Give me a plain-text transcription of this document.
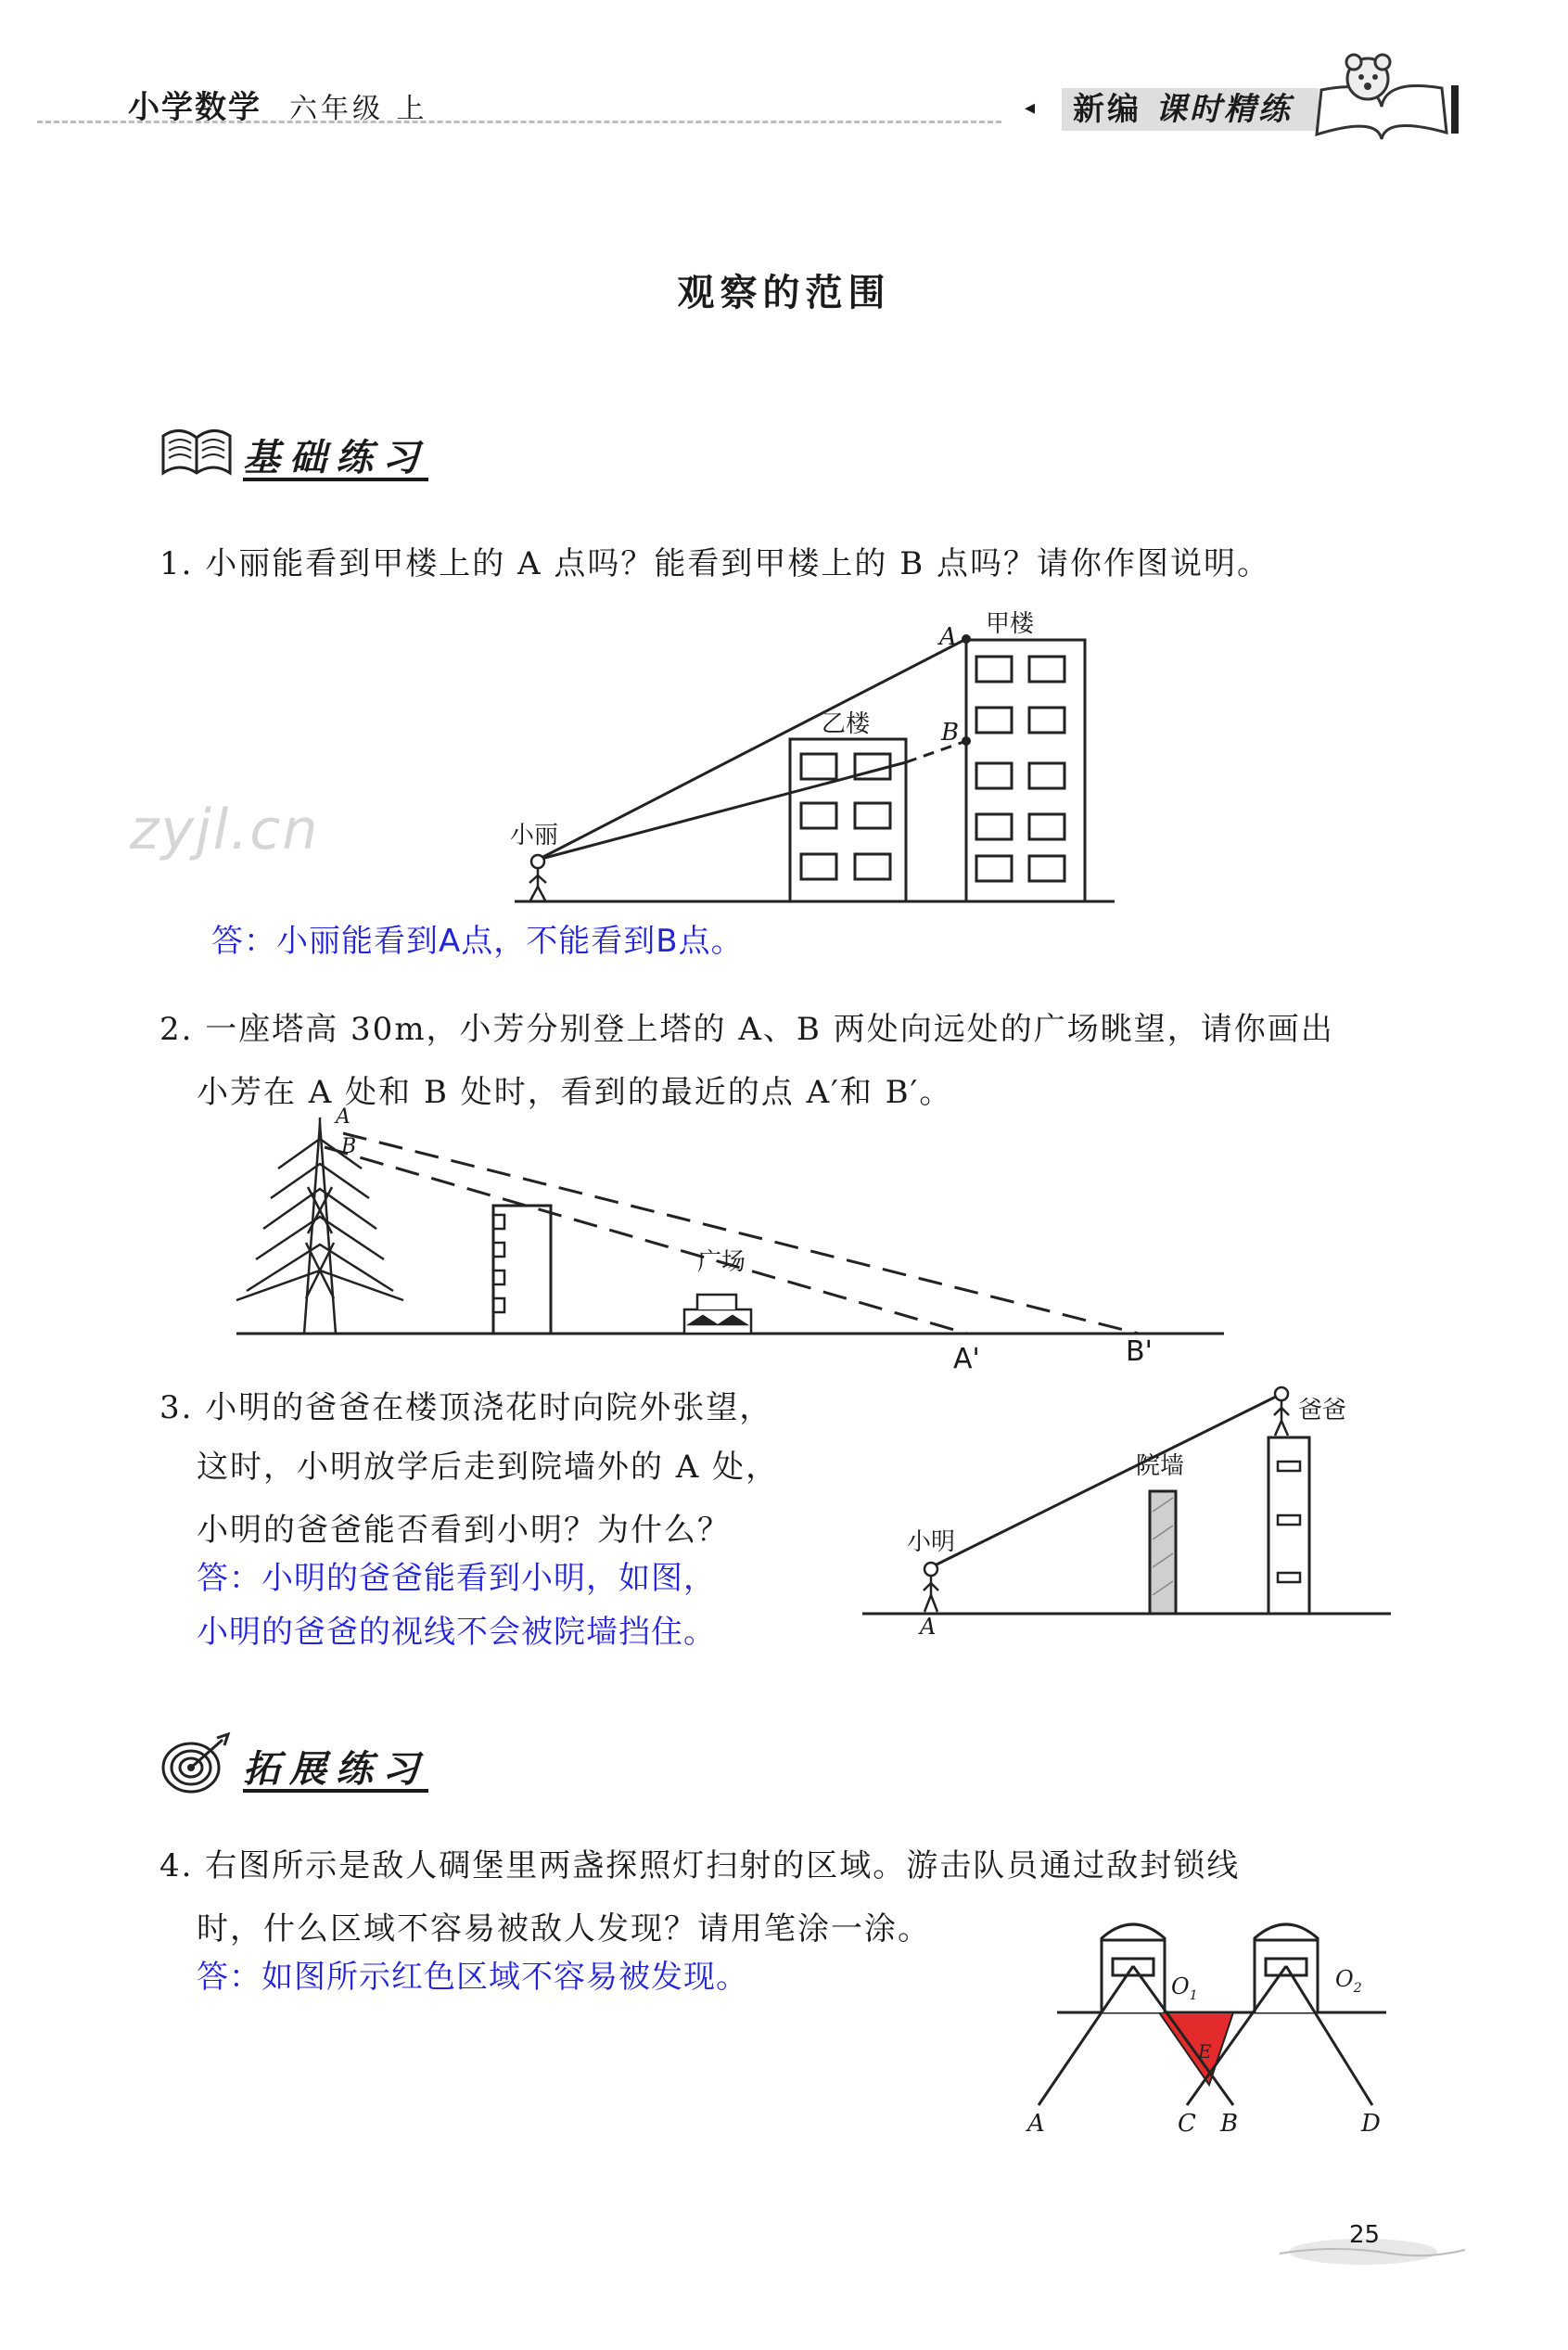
小学数学 六年级 上	◂	新编 课时精练
观察的范围
基础练习
zyjl.cn
1. 小丽能看到甲楼上的 A 点吗？能看到甲楼上的 B 点吗？请你作图说明。
甲楼
乙楼
小丽
A
B
答：小丽能看到A点，不能看到B点。
2. 一座塔高 30m，小芳分别登上塔的 A、B 两处向远处的广场眺望，请你画出
小芳在 A 处和 B 处时，看到的最近的点 A′和 B′。
A
B
广场
A'	B'
3. 小明的爸爸在楼顶浇花时向院外张望，
这时，小明放学后走到院墙外的 A 处，
小明的爸爸能否看到小明？为什么？
答：小明的爸爸能看到小明，如图，
小明的爸爸的视线不会被院墙挡住。
爸爸
院墙
小明
A
拓展练习
4. 右图所示是敌人碉堡里两盏探照灯扫射的区域。游击队员通过敌封锁线
时，什么区域不容易被敌人发现？请用笔涂一涂。
答：如图所示红色区域不容易被发现。	$O_1$
$O_2$
E
A	C B	D
25
